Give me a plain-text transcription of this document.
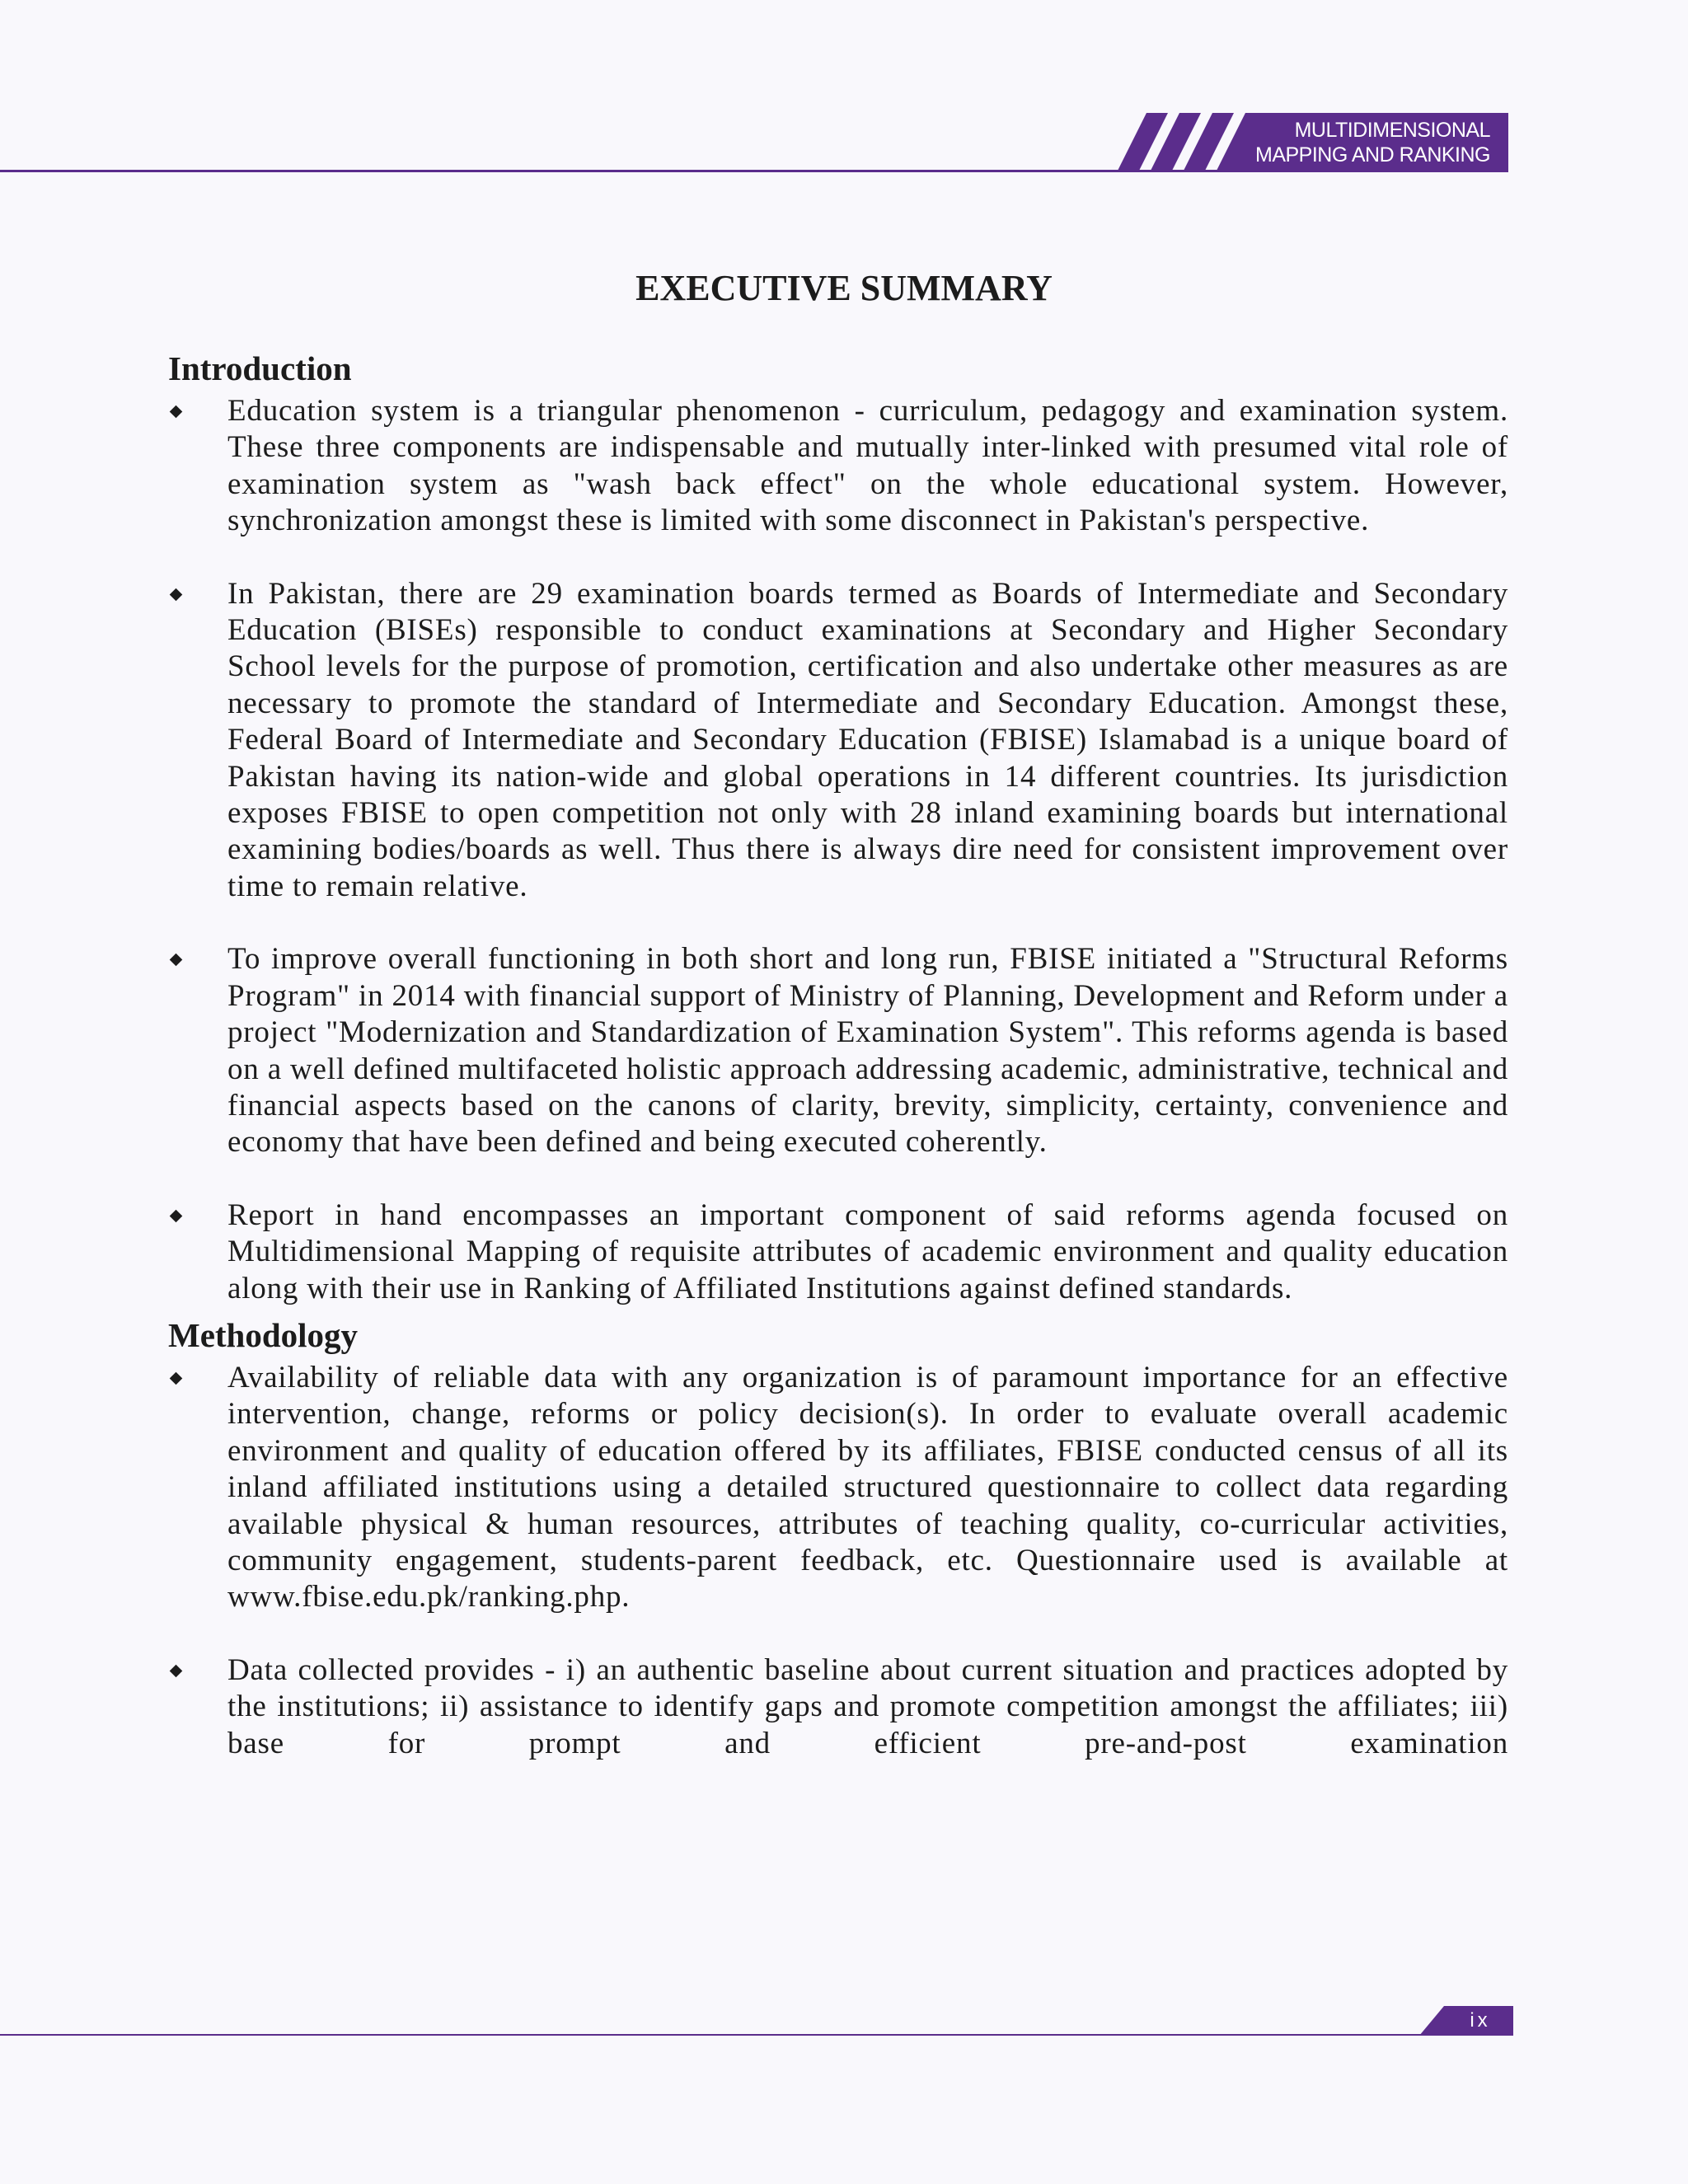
MULTIDIMENSIONAL
MAPPING AND RANKING
EXECUTIVE SUMMARY
Introduction
Education system is a triangular phenomenon - curriculum, pedagogy and examination system. These three components are indispensable and mutually inter-linked with presumed vital role of examination system as "wash back effect" on the whole educational system. However, synchronization amongst these is limited with some disconnect in Pakistan's perspective.
In Pakistan, there are 29 examination boards termed as Boards of Intermediate and Secondary Education (BISEs) responsible to conduct examinations at Secondary and Higher Secondary School levels for the purpose of promotion, certification and also undertake other measures as are necessary to promote the standard of Intermediate and Secondary Education. Amongst these, Federal Board of Intermediate and Secondary Education (FBISE) Islamabad is a unique board of Pakistan having its nation-wide and global operations in 14 different countries. Its jurisdiction exposes FBISE to open competition not only with 28 inland examining boards but international examining bodies/boards as well. Thus there is always dire need for consistent improvement over time to remain relative.
To improve overall functioning in both short and long run, FBISE initiated a "Structural Reforms Program" in 2014 with financial support of Ministry of Planning, Development and Reform under a project "Modernization and Standardization of Examination System". This reforms agenda is based on a well defined multifaceted holistic approach addressing academic, administrative, technical and financial aspects based on the canons of clarity, brevity, simplicity, certainty, convenience and economy that have been defined and being executed coherently.
Report in hand encompasses an important component of said reforms agenda focused on Multidimensional Mapping of requisite attributes of academic environment and quality education along with their use in Ranking of Affiliated Institutions against defined standards.
Methodology
Availability of reliable data with any organization is of paramount importance for an effective intervention, change, reforms or policy decision(s). In order to evaluate overall academic environment and quality of education offered by its affiliates, FBISE conducted census of all its inland affiliated institutions using a detailed structured questionnaire to collect data regarding available physical & human resources, attributes of teaching quality, co-curricular activities, community engagement, students-parent feedback, etc. Questionnaire used is available at www.fbise.edu.pk/ranking.php.
Data collected provides - i) an authentic baseline about current situation and practices adopted by the institutions; ii) assistance to identify gaps and promote competition amongst the affiliates; iii) base for prompt and efficient pre-and-post examination
ix
